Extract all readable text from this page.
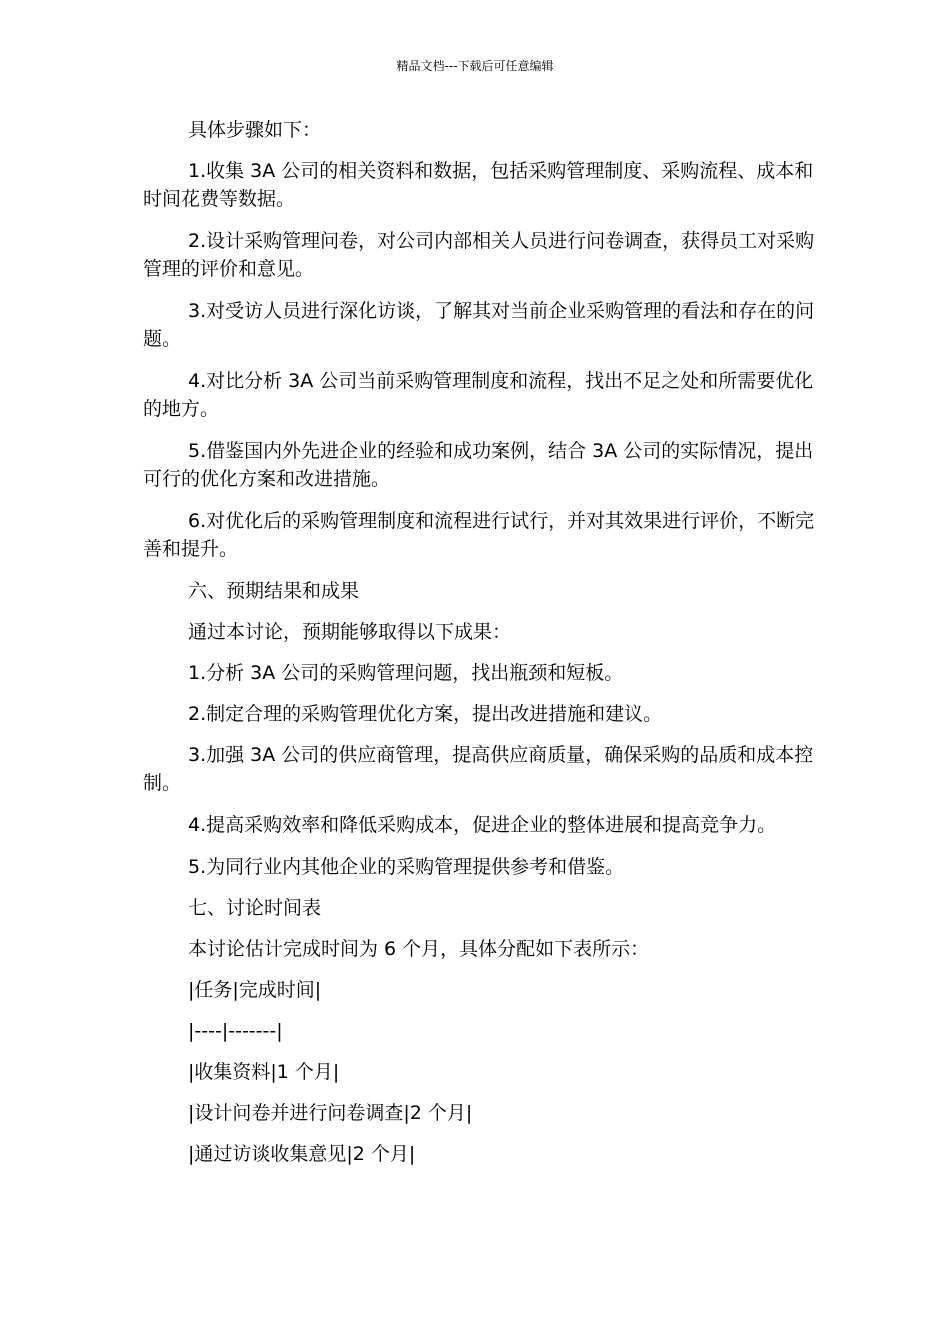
精品文档---下载后可任意编辑

具体步骤如下：

1.收集 3A 公司的相关资料和数据，包括采购管理制度、采购流程、成本和时间花费等数据。

2.设计采购管理问卷，对公司内部相关人员进行问卷调查，获得员工对采购管理的评价和意见。

3.对受访人员进行深化访谈，了解其对当前企业采购管理的看法和存在的问题。

4.对比分析 3A 公司当前采购管理制度和流程，找出不足之处和所需要优化的地方。

5.借鉴国内外先进企业的经验和成功案例，结合 3A 公司的实际情况，提出可行的优化方案和改进措施。

6.对优化后的采购管理制度和流程进行试行，并对其效果进行评价，不断完善和提升。

六、预期结果和成果

通过本讨论，预期能够取得以下成果：

1.分析 3A 公司的采购管理问题，找出瓶颈和短板。

2.制定合理的采购管理优化方案，提出改进措施和建议。

3.加强 3A 公司的供应商管理，提高供应商质量，确保采购的品质和成本控制。

4.提高采购效率和降低采购成本，促进企业的整体进展和提高竞争力。

5.为同行业内其他企业的采购管理提供参考和借鉴。

七、讨论时间表

本讨论估计完成时间为 6 个月，具体分配如下表所示：

|任务|完成时间|

|----|-------|

|收集资料|1 个月|

|设计问卷并进行问卷调查|2 个月|

|通过访谈收集意见|2 个月|
